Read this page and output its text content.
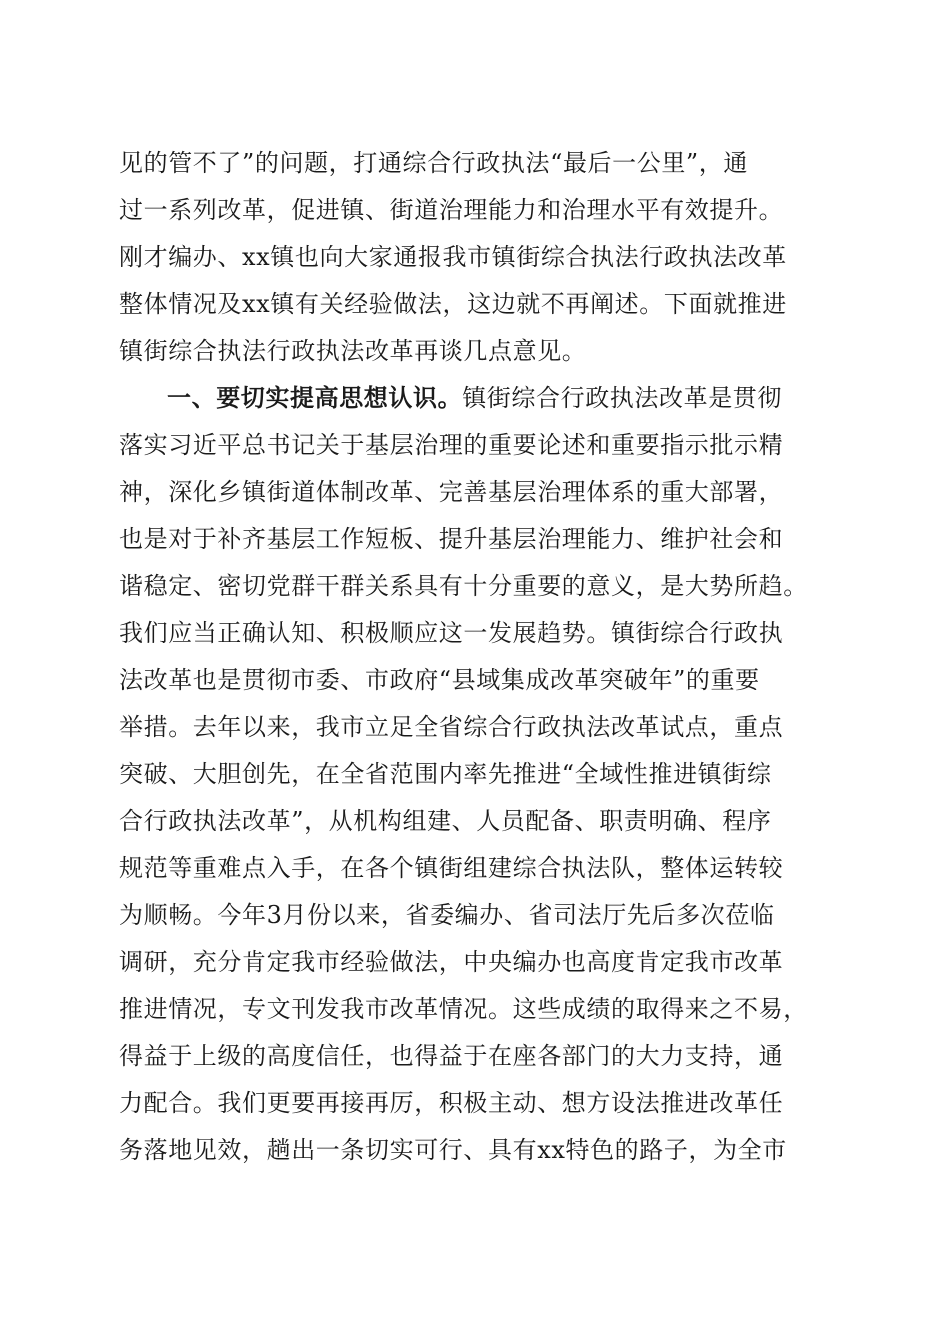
见的管不了”的问题，打通综合行政执法“最后一公里”，通
过一系列改革，促进镇、街道治理能力和治理水平有效提升。
刚才编办、xx镇也向大家通报我市镇街综合执法行政执法改革
整体情况及xx镇有关经验做法，这边就不再阐述。下面就推进
镇街综合执法行政执法改革再谈几点意见。
一、要切实提高思想认识。镇街综合行政执法改革是贯彻
落实习近平总书记关于基层治理的重要论述和重要指示批示精
神，深化乡镇街道体制改革、完善基层治理体系的重大部署，
也是对于补齐基层工作短板、提升基层治理能力、维护社会和
谐稳定、密切党群干群关系具有十分重要的意义，是大势所趋。
我们应当正确认知、积极顺应这一发展趋势。镇街综合行政执
法改革也是贯彻市委、市政府“县域集成改革突破年”的重要
举措。去年以来，我市立足全省综合行政执法改革试点，重点
突破、大胆创先，在全省范围内率先推进“全域性推进镇街综
合行政执法改革”，从机构组建、人员配备、职责明确、程序
规范等重难点入手，在各个镇街组建综合执法队，整体运转较
为顺畅。今年3月份以来，省委编办、省司法厅先后多次莅临
调研，充分肯定我市经验做法，中央编办也高度肯定我市改革
推进情况，专文刊发我市改革情况。这些成绩的取得来之不易，
得益于上级的高度信任，也得益于在座各部门的大力支持，通
力配合。我们更要再接再厉，积极主动、想方设法推进改革任
务落地见效，趟出一条切实可行、具有xx特色的路子，为全市
